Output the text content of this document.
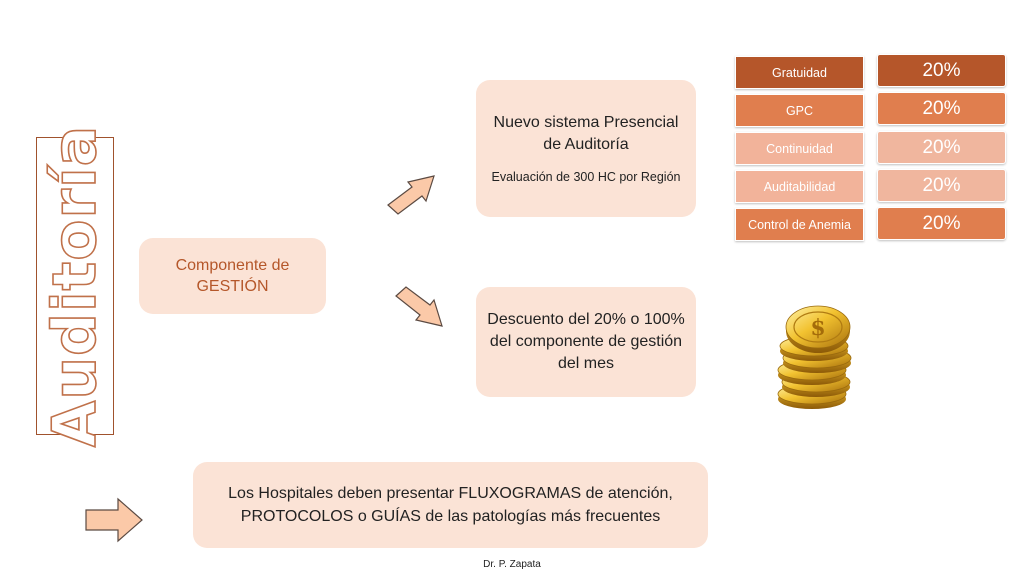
Auditoría	Componente de GESTIÓN
Nuevo sistema Presencial de Auditoría
Evaluación de 300 HC por Región
Descuento del 20% o 100% del componente de gestión del mes
Los Hospitales deben presentar FLUXOGRAMAS de atención, PROTOCOLOS o GUÍAS de las patologías más frecuentes
Gratuidad
GPC
Continuidad
Auditabilidad
Control de Anemia
20%
20%
20%
20%
20%
$
Dr. P. Zapata
